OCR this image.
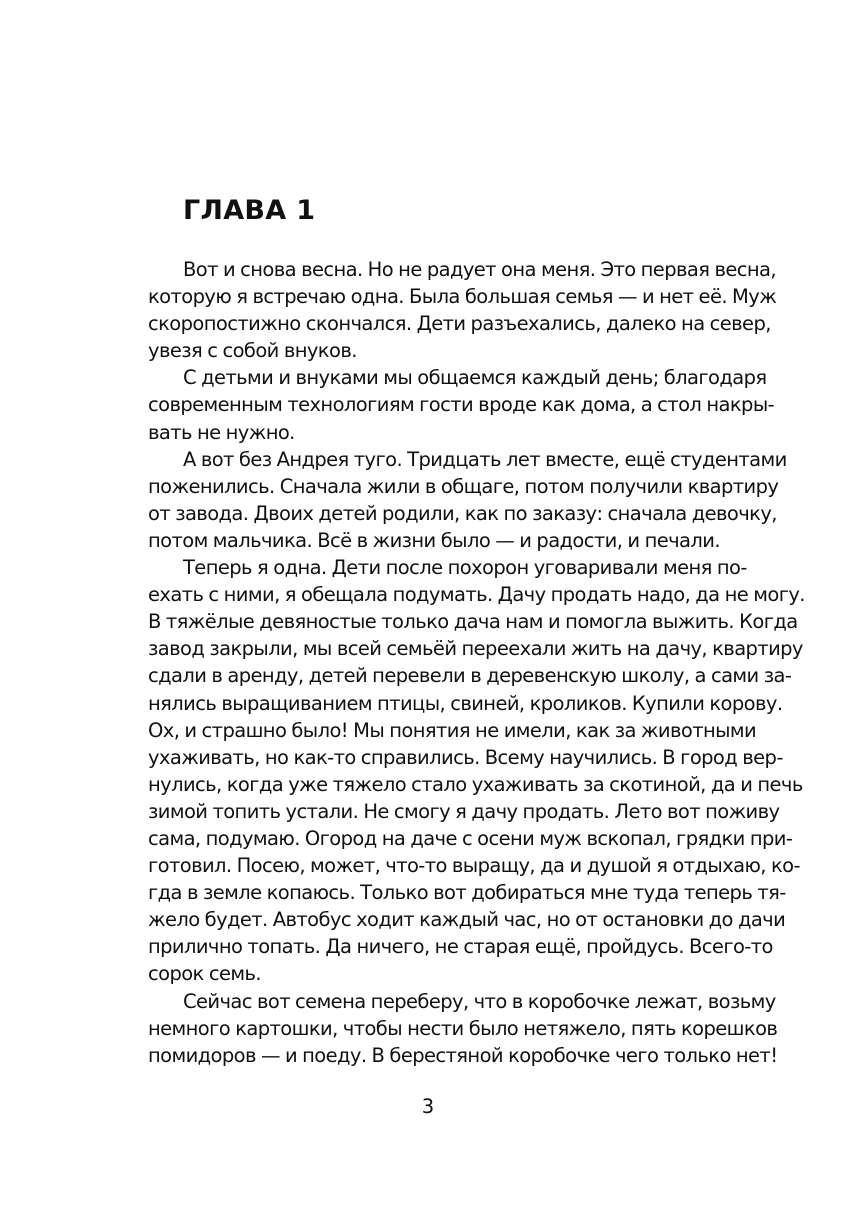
ГЛАВА 1
Вот и снова весна. Но не радует она меня. Это первая весна,
которую я встречаю одна. Была большая семья — и нет её. Муж
скоропостижно скончался. Дети разъехались, далеко на север,
увезя с собой внуков.
С детьми и внуками мы общаемся каждый день; благодаря
современным технологиям гости вроде как дома, а стол накры-
вать не нужно.
А вот без Андрея туго. Тридцать лет вместе, ещё студентами
поженились. Сначала жили в общаге, потом получили квартиру
от завода. Двоих детей родили, как по заказу: сначала девочку,
потом мальчика. Всё в жизни было — и радости, и печали.
Теперь я одна. Дети после похорон уговаривали меня по-
ехать с ними, я обещала подумать. Дачу продать надо, да не могу.
В тяжёлые девяностые только дача нам и помогла выжить. Когда
завод закрыли, мы всей семьёй переехали жить на дачу, квартиру
сдали в аренду, детей перевели в деревенскую школу, а сами за-
нялись выращиванием птицы, свиней, кроликов. Купили корову.
Ох, и страшно было! Мы понятия не имели, как за животными
ухаживать, но как-то справились. Всему научились. В город вер-
нулись, когда уже тяжело стало ухаживать за скотиной, да и печь
зимой топить устали. Не смогу я дачу продать. Лето вот поживу
сама, подумаю. Огород на даче с осени муж вскопал, грядки при-
готовил. Посею, может, что-то выращу, да и душой я отдыхаю, ко-
гда в земле копаюсь. Только вот добираться мне туда теперь тя-
жело будет. Автобус ходит каждый час, но от остановки до дачи
прилично топать. Да ничего, не старая ещё, пройдусь. Всего-то
сорок семь.
Сейчас вот семена переберу, что в коробочке лежат, возьму
немного картошки, чтобы нести было нетяжело, пять корешков
помидоров — и поеду. В берестяной коробочке чего только нет!
3
